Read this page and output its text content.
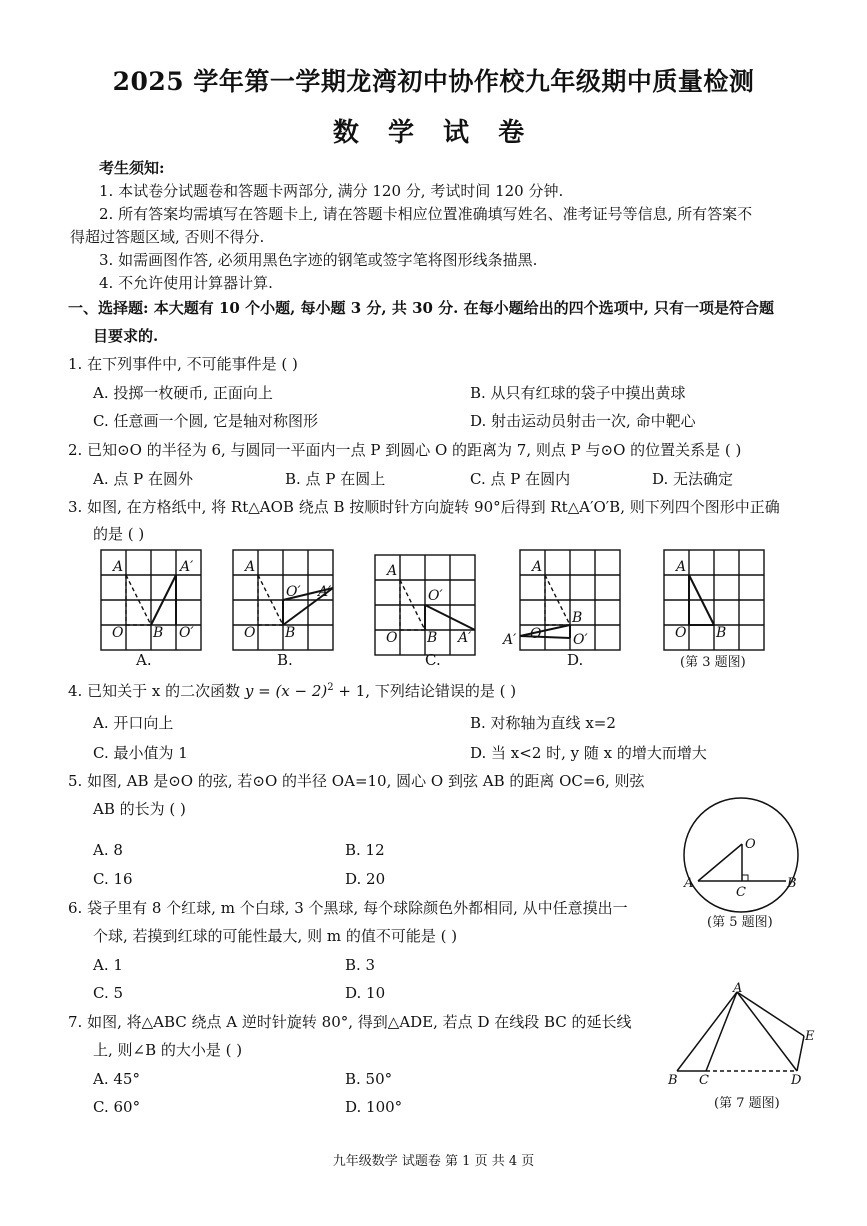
2025 学年第一学期龙湾初中协作校九年级期中质量检测
数 学 试 卷
考生须知:
1. 本试卷分试题卷和答题卡两部分, 满分 120 分, 考试时间 120 分钟.
2. 所有答案均需填写在答题卡上, 请在答题卡相应位置准确填写姓名、准考证号等信息, 所有答案不
得超过答题区域, 否则不得分.
3. 如需画图作答, 必须用黑色字迹的钢笔或签字笔将图形线条描黑.
4. 不允许使用计算器计算.
一、选择题: 本大题有 10 个小题, 每小题 3 分, 共 30 分. 在每小题给出的四个选项中, 只有一项是符合题
目要求的.
1. 在下列事件中, 不可能事件是 ( )
A. 投掷一枚硬币, 正面向上	B. 从只有红球的袋子中摸出黄球
C. 任意画一个圆, 它是轴对称图形	D. 射击运动员射击一次, 命中靶心
2. 已知⊙O 的半径为 6, 与圆同一平面内一点 P 到圆心 O 的距离为 7, 则点 P 与⊙O 的位置关系是 ( )
A. 点 P 在圆外	B. 点 P 在圆上	C. 点 P 在圆内	D. 无法确定
3. 如图, 在方格纸中, 将 Rt△AOB 绕点 B 按顺时针方向旋转 90°后得到 Rt△A′O′B, 则下列四个图形中正确
的是 ( )
A	A′
O B O′
A
O′ A′
O B
A
O′
O B A′
A
B
O
A′	O′
A
O B
A.	B.	C.	D.	(第 3 题图)
4. 已知关于 x 的二次函数 $y = (x - 2)^2 + 1$, 下列结论错误的是 ( )
A. 开口向上	B. 对称轴为直线 x=2
C. 最小值为 1	D. 当 x<2 时, y 随 x 的增大而增大
5. 如图, AB 是⊙O 的弦, 若⊙O 的半径 OA=10, 圆心 O 到弦 AB 的距离 OC=6, 则弦
AB 的长为 ( )
A. 8	B. 12
C. 16	D. 20
O
A
C
B
(第 5 题图)
6. 袋子里有 8 个红球, m 个白球, 3 个黑球, 每个球除颜色外都相同, 从中任意摸出一
个球, 若摸到红球的可能性最大, 则 m 的值不可能是 ( )
A. 1	B. 3
C. 5	D. 10
7. 如图, 将△ABC 绕点 A 逆时针旋转 80°, 得到△ADE, 若点 D 在线段 BC 的延长线
上, 则∠B 的大小是 ( )
A. 45°	B. 50°
C. 60°	D. 100°
A
E
B C	D
(第 7 题图)
九年级数学 试题卷 第 1 页 共 4 页
